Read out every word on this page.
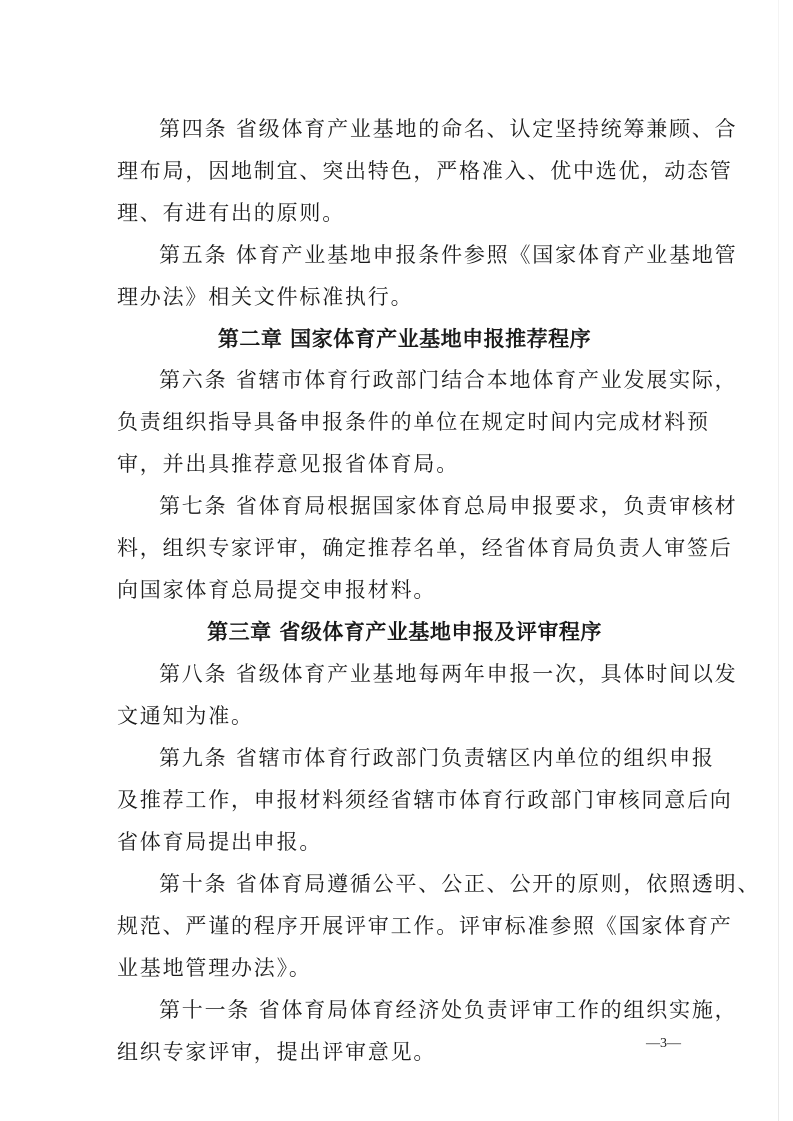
第四条 省级体育产业基地的命名、认定坚持统筹兼顾、合
理布局，因地制宜、突出特色，严格准入、优中选优，动态管
理、有进有出的原则。
第五条 体育产业基地申报条件参照《国家体育产业基地管
理办法》相关文件标准执行。
第二章 国家体育产业基地申报推荐程序
第六条 省辖市体育行政部门结合本地体育产业发展实际，
负责组织指导具备申报条件的单位在规定时间内完成材料预
审，并出具推荐意见报省体育局。
第七条 省体育局根据国家体育总局申报要求，负责审核材
料，组织专家评审，确定推荐名单，经省体育局负责人审签后
向国家体育总局提交申报材料。
第三章 省级体育产业基地申报及评审程序
第八条 省级体育产业基地每两年申报一次，具体时间以发
文通知为准。
第九条 省辖市体育行政部门负责辖区内单位的组织申报
及推荐工作，申报材料须经省辖市体育行政部门审核同意后向
省体育局提出申报。
第十条 省体育局遵循公平、公正、公开的原则，依照透明、
规范、严谨的程序开展评审工作。评审标准参照《国家体育产
业基地管理办法》。
第十一条 省体育局体育经济处负责评审工作的组织实施，
组织专家评审，提出评审意见。	—3—
